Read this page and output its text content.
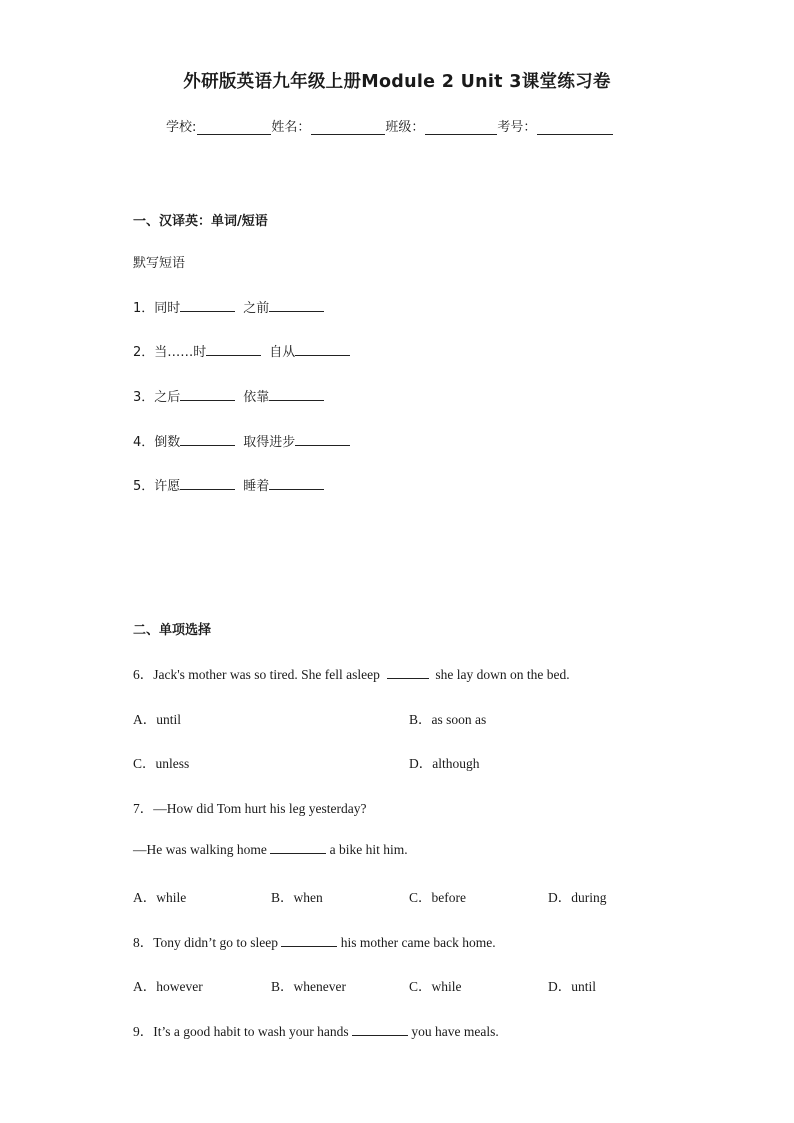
外研版英语九年级上册Module 2 Unit 3课堂练习卷
学校:	姓名：	班级：	考号：
一、汉译英：单词/短语
默写短语
1．同时	之前
2．当……时	自从
3．之后	依靠
4．倒数	取得进步
5．许愿	睡着
二、单项选择
6．Jack's mother was so tired. She fell asleep	she lay down on the bed.
A．until	B．as soon as
C．unless	D．although
7．—How did Tom hurt his leg yesterday?
—He was walking home	a bike hit him.
A．while	B．when	C．before	D．during
8．Tony didn’t go to sleep	his mother came back home.
A．however	B．whenever	C．while	D．until
9．It’s a good habit to wash your hands	you have meals.
